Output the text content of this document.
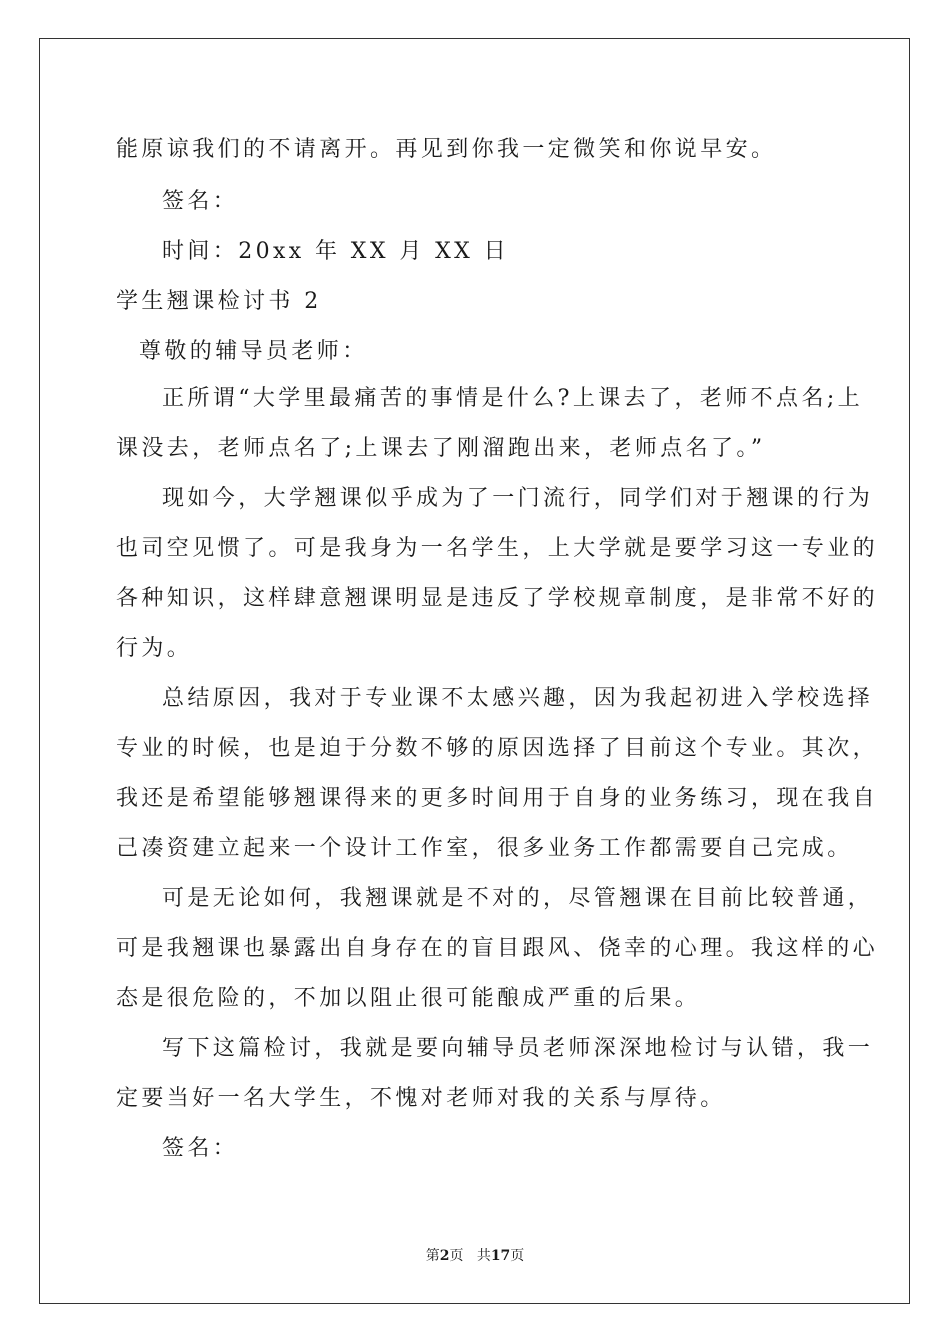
能原谅我们的不请离开。再见到你我一定微笑和你说早安。
签名：
时间：20xx 年 XX 月 XX 日
学生翘课检讨书 2
尊敬的辅导员老师：
正所谓“大学里最痛苦的事情是什么?上课去了，老师不点名;上
课没去，老师点名了;上课去了刚溜跑出来，老师点名了。”
现如今，大学翘课似乎成为了一门流行，同学们对于翘课的行为
也司空见惯了。可是我身为一名学生，上大学就是要学习这一专业的
各种知识，这样肆意翘课明显是违反了学校规章制度，是非常不好的
行为。
总结原因，我对于专业课不太感兴趣，因为我起初进入学校选择
专业的时候，也是迫于分数不够的原因选择了目前这个专业。其次，
我还是希望能够翘课得来的更多时间用于自身的业务练习，现在我自
己凑资建立起来一个设计工作室，很多业务工作都需要自己完成。
可是无论如何，我翘课就是不对的，尽管翘课在目前比较普通，
可是我翘课也暴露出自身存在的盲目跟风、侥幸的心理。我这样的心
态是很危险的，不加以阻止很可能酿成严重的后果。
写下这篇检讨，我就是要向辅导员老师深深地检讨与认错，我一
定要当好一名大学生，不愧对老师对我的关系与厚待。
签名：
第2页 共17页
